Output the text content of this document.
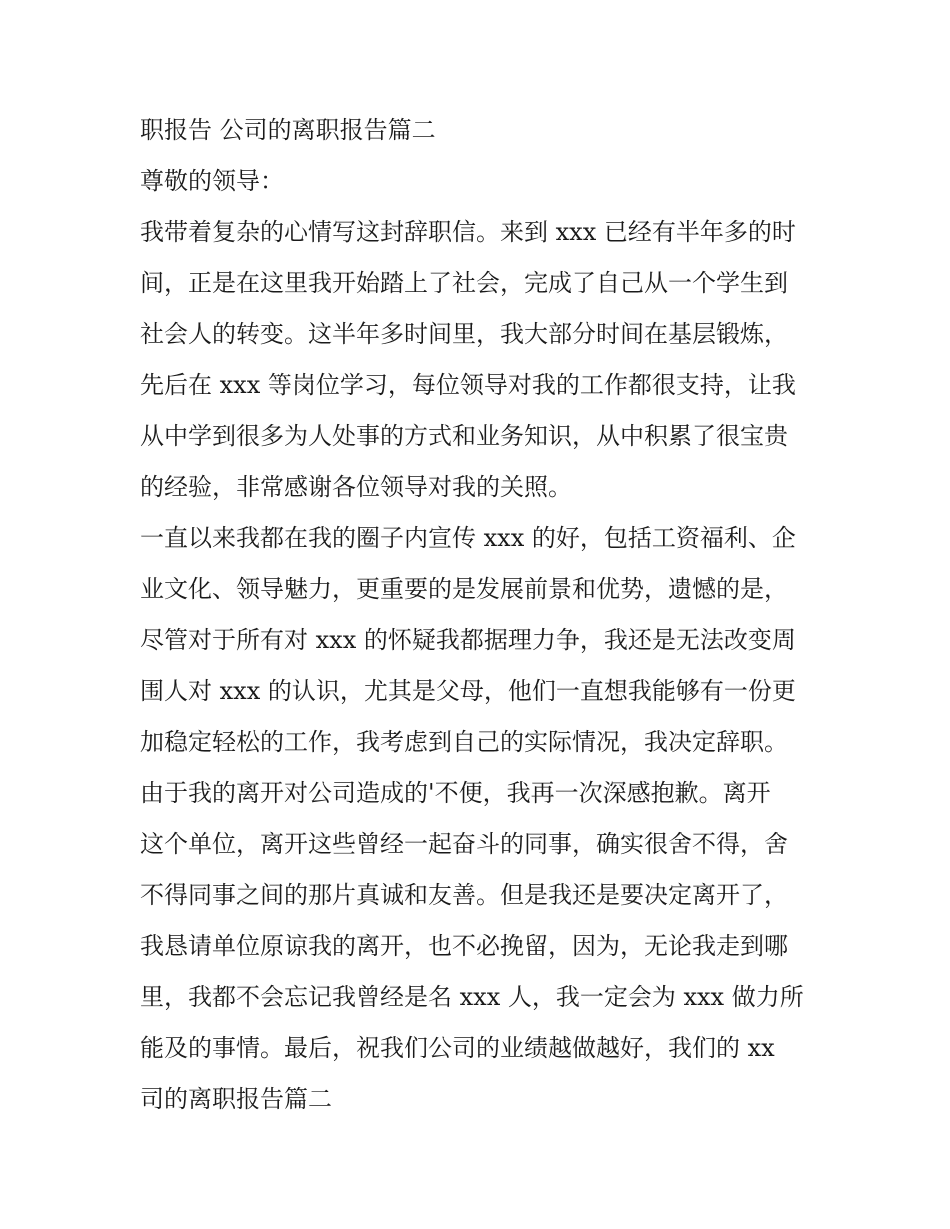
职报告 公司的离职报告篇二
尊敬的领导：
我带着复杂的心情写这封辞职信。来到 xxx 已经有半年多的时
间，正是在这里我开始踏上了社会，完成了自己从一个学生到
社会人的转变。这半年多时间里，我大部分时间在基层锻炼，
先后在 xxx 等岗位学习，每位领导对我的工作都很支持，让我
从中学到很多为人处事的方式和业务知识，从中积累了很宝贵
的经验，非常感谢各位领导对我的关照。
一直以来我都在我的圈子内宣传 xxx 的好，包括工资福利、企
业文化、领导魅力，更重要的是发展前景和优势，遗憾的是，
尽管对于所有对 xxx 的怀疑我都据理力争，我还是无法改变周
围人对 xxx 的认识，尤其是父母，他们一直想我能够有一份更
加稳定轻松的工作，我考虑到自己的实际情况，我决定辞职。
由于我的离开对公司造成的'不便，我再一次深感抱歉。离开
这个单位，离开这些曾经一起奋斗的同事，确实很舍不得，舍
不得同事之间的那片真诚和友善。但是我还是要决定离开了，
我恳请单位原谅我的离开，也不必挽留，因为，无论我走到哪
里，我都不会忘记我曾经是名 xxx 人，我一定会为 xxx 做力所
能及的事情。最后，祝我们公司的业绩越做越好，我们的 xx
司的离职报告篇二
